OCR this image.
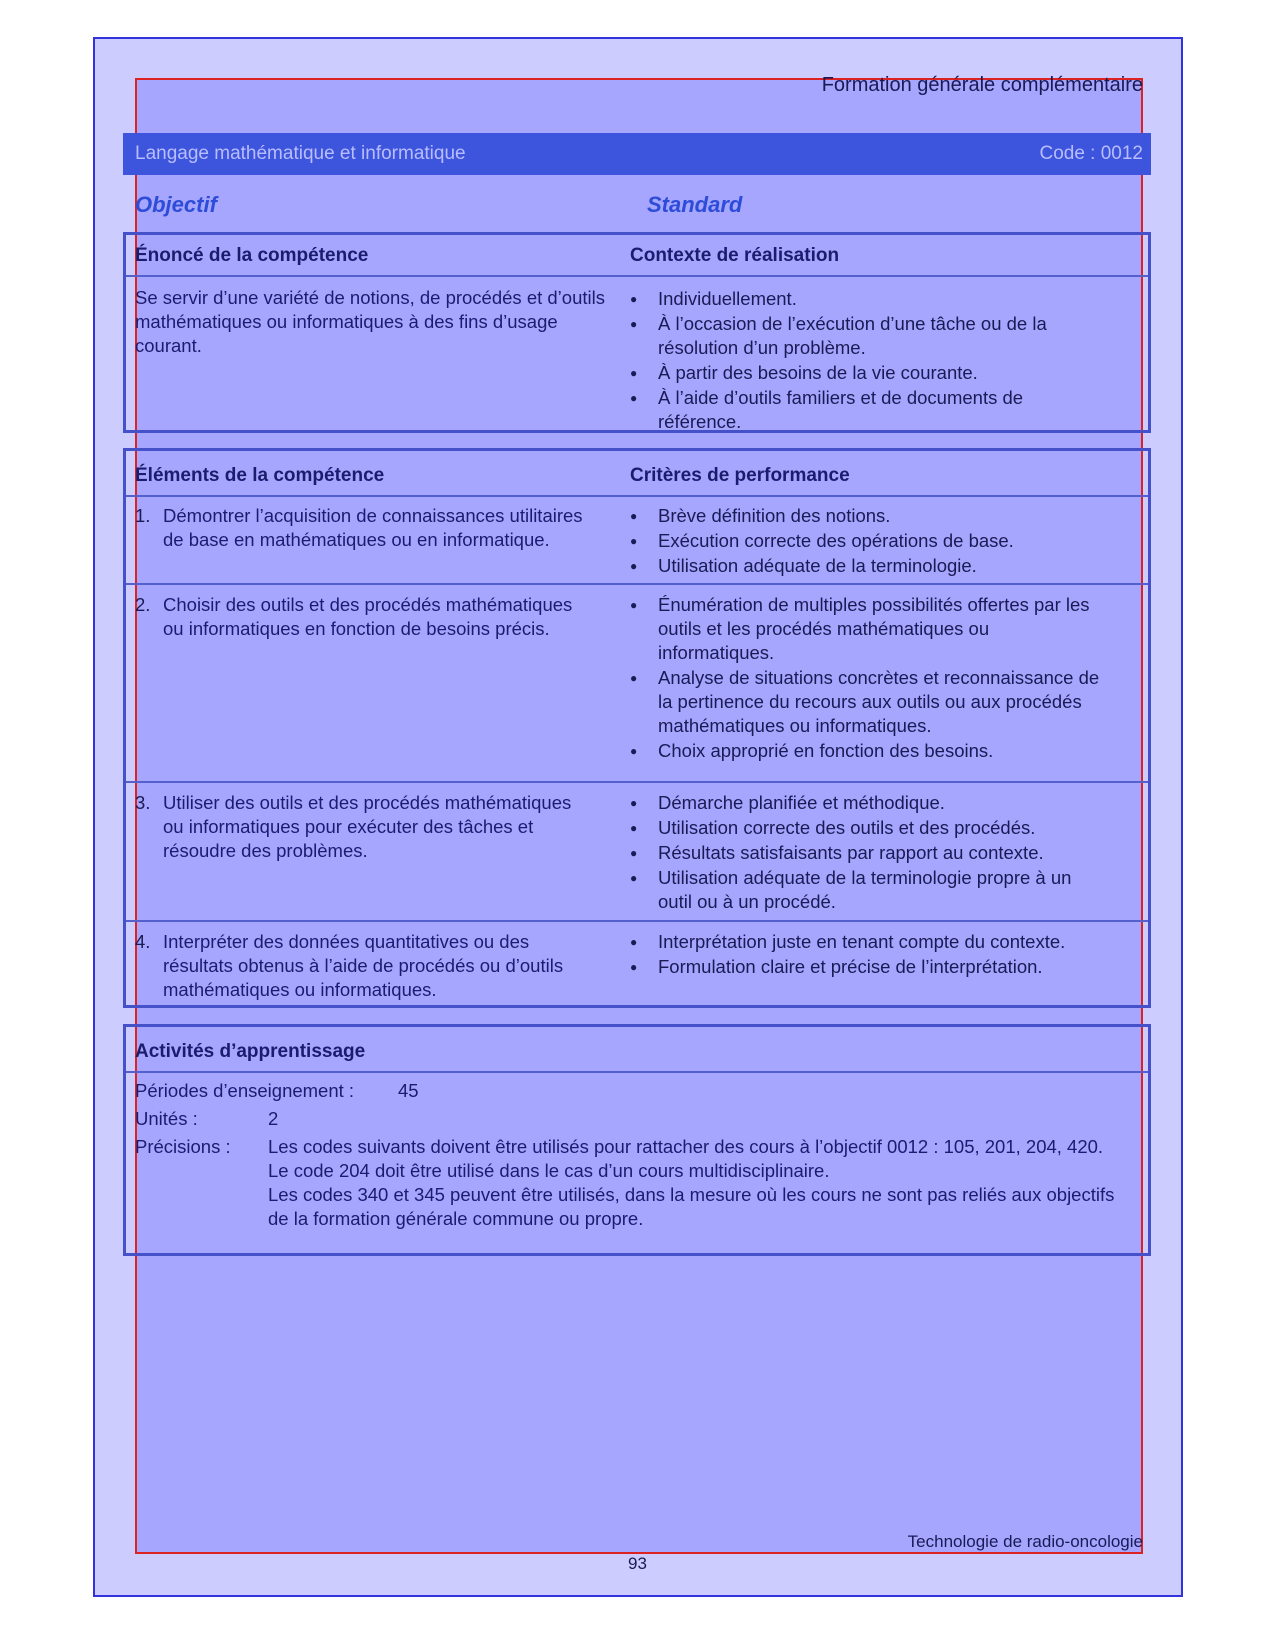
Formation générale complémentaire
Langage mathématique et informatique	Code : 0012
Objectif	Standard
Énoncé de la compétence	Contexte de réalisation
Se servir d’une variété de notions, de procédés et d’outils mathématiques ou informatiques à des fins d’usage courant.
● Individuellement.
● À l’occasion de l’exécution d’une tâche ou de la résolution d’un problème.
● À partir des besoins de la vie courante.
● À l’aide d’outils familiers et de documents de référence.
Éléments de la compétence	Critères de performance
1. Démontrer l’acquisition de connaissances utilitaires de base en mathématiques ou en informatique.
● Brève définition des notions.
● Exécution correcte des opérations de base.
● Utilisation adéquate de la terminologie.
2. Choisir des outils et des procédés mathématiques ou informatiques en fonction de besoins précis.
● Énumération de multiples possibilités offertes par les outils et les procédés mathématiques ou informatiques.
● Analyse de situations concrètes et reconnaissance de la pertinence du recours aux outils ou aux procédés mathématiques ou informatiques.
● Choix approprié en fonction des besoins.
3. Utiliser des outils et des procédés mathématiques ou informatiques pour exécuter des tâches et résoudre des problèmes.
● Démarche planifiée et méthodique.
● Utilisation correcte des outils et des procédés.
● Résultats satisfaisants par rapport au contexte.
● Utilisation adéquate de la terminologie propre à un outil ou à un procédé.
4. Interpréter des données quantitatives ou des résultats obtenus à l’aide de procédés ou d’outils mathématiques ou informatiques.
● Interprétation juste en tenant compte du contexte.
● Formulation claire et précise de l’interprétation.
Activités d’apprentissage
Périodes d’enseignement : 45
Unités :	2
Précisions : Les codes suivants doivent être utilisés pour rattacher des cours à l’objectif 0012 : 105, 201, 204, 420.
Le code 204 doit être utilisé dans le cas d’un cours multidisciplinaire.
Les codes 340 et 345 peuvent être utilisés, dans la mesure où les cours ne sont pas reliés aux objectifs de la formation générale commune ou propre.
Technologie de radio-oncologie
93
